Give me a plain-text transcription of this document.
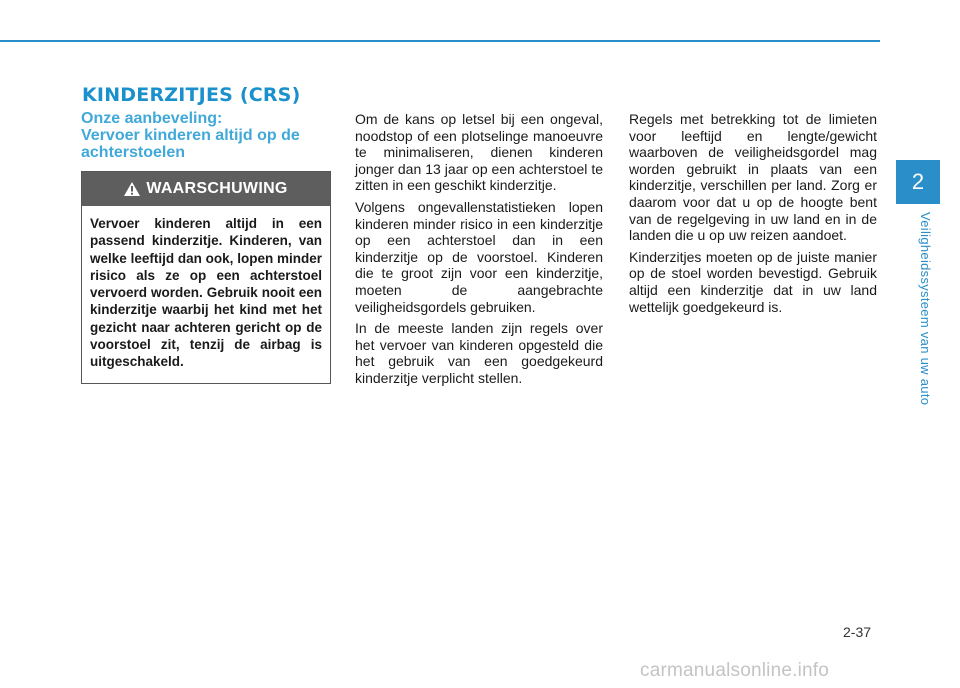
KINDERZITJES (CRS)
Onze aanbeveling:
Vervoer kinderen altijd op de achterstoelen
WAARSCHUWING

Vervoer kinderen altijd in een passend kinderzitje. Kinderen, van welke leeftijd dan ook, lopen minder risico als ze op een achterstoel vervoerd worden. Gebruik nooit een kinderzitje waarbij het kind met het gezicht naar achteren gericht op de voorstoel zit, tenzij de airbag is uitgeschakeld.

Om de kans op letsel bij een ongeval, noodstop of een plotselinge manoeuvre te minimaliseren, dienen kinderen jonger dan 13 jaar op een achterstoel te zitten in een geschikt kinderzitje.

Volgens ongevallenstatistieken lopen kinderen minder risico in een kinderzitje op een achterstoel dan in een kinderzitje op de voorstoel. Kinderen die te groot zijn voor een kinderzitje, moeten de aangebrachte veiligheidsgordels gebruiken.

In de meeste landen zijn regels over het vervoer van kinderen opgesteld die het gebruik van een goedgekeurd kinderzitje verplicht stellen.

Regels met betrekking tot de limieten voor leeftijd en lengte/gewicht waarboven de veiligheidsgordel mag worden gebruikt in plaats van een kinderzitje, verschillen per land. Zorg er daarom voor dat u op de hoogte bent van de regelgeving in uw land en in de landen die u op uw reizen aandoet.

Kinderzitjes moeten op de juiste manier op de stoel worden bevestigd. Gebruik altijd een kinderzitje dat in uw land wettelijk goedgekeurd is.

2
Veiligheidssysteem van uw auto
2-37
carmanualsonline.info
